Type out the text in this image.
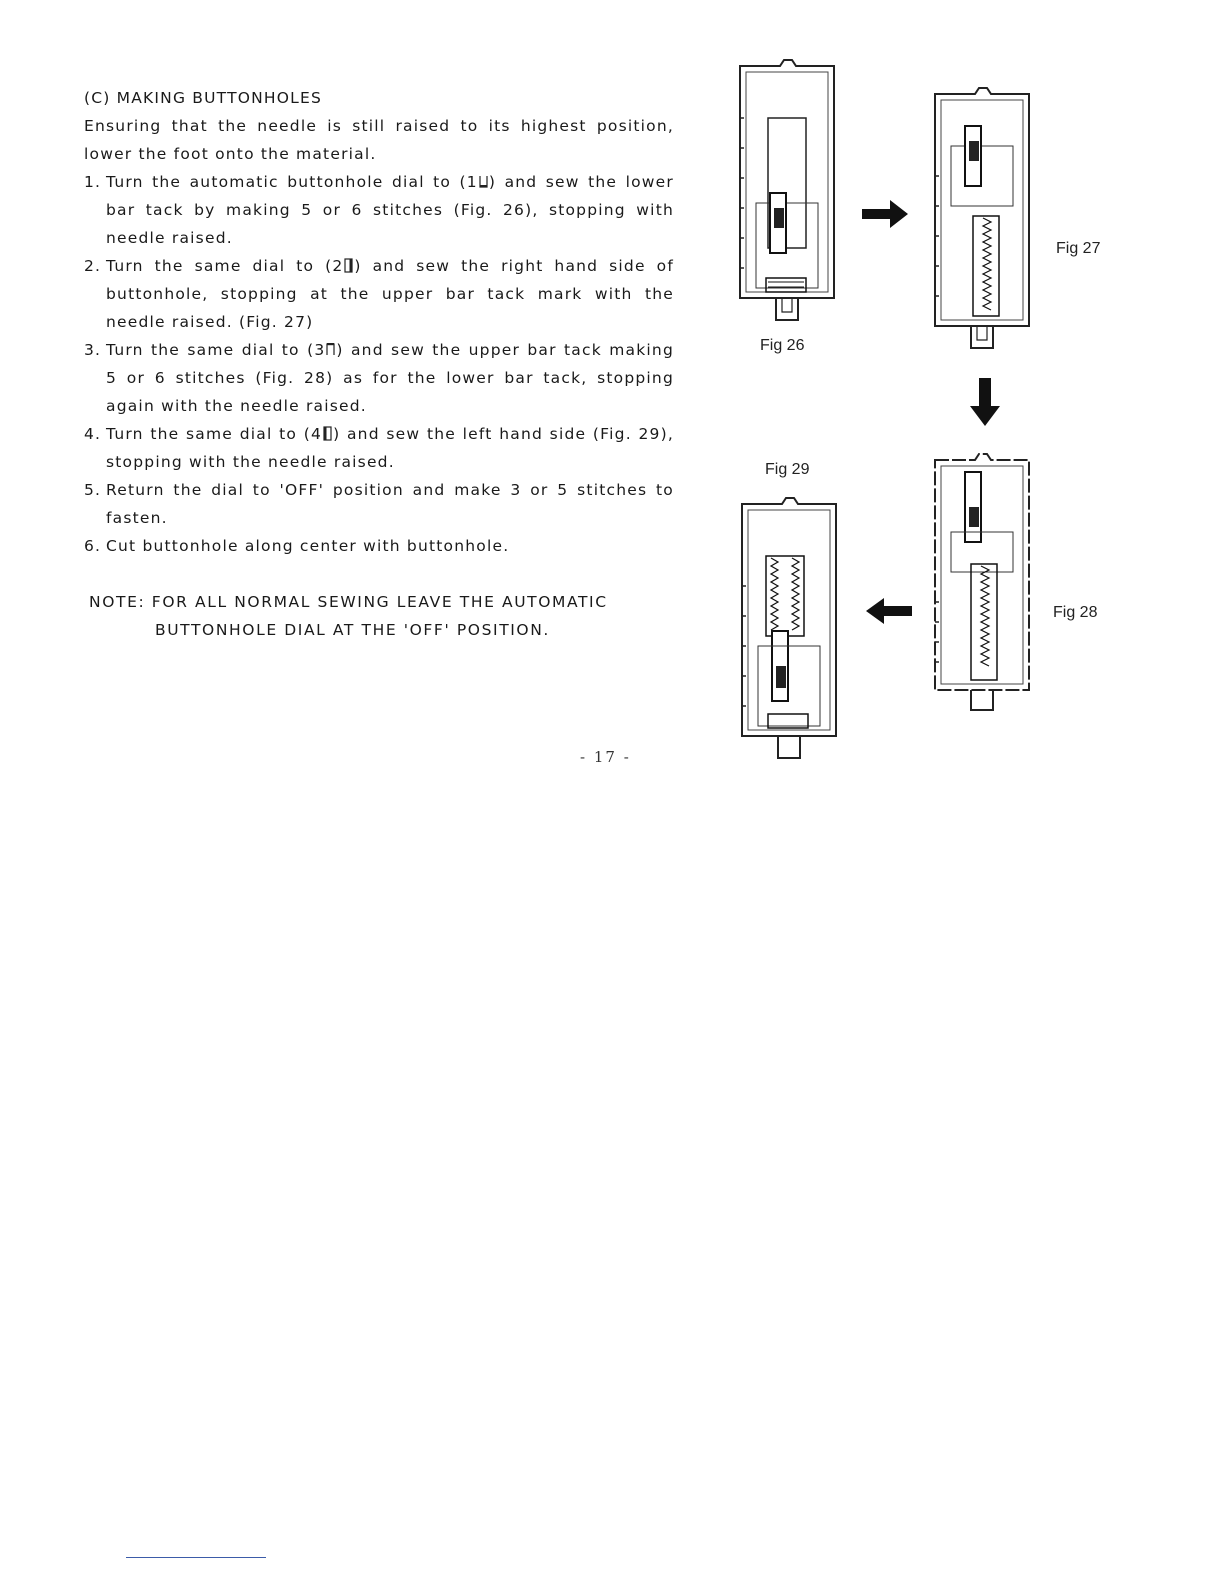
(C) MAKING BUTTONHOLES

Ensuring that the needle is still raised to its highest position, lower the foot onto the material.

1. Turn the automatic buttonhole dial to (1 ) and sew the lower bar tack by making 5 or 6 stitches (Fig. 26), stopping with needle raised.
2. Turn the same dial to (2 ) and sew the right hand side of buttonhole, stopping at the upper bar tack mark with the needle raised. (Fig. 27)
3. Turn the same dial to (3 ) and sew the upper bar tack making 5 or 6 stitches (Fig. 28) as for the lower bar tack, stopping again with the needle raised.
4. Turn the same dial to (4 ) and sew the left hand side (Fig. 29), stopping with the needle raised.
5. Return the dial to 'OFF' position and make 3 or 5 stitches to fasten.
6. Cut buttonhole along center with buttonhole.
NOTE: FOR ALL NORMAL SEWING LEAVE THE AUTOMATIC
BUTTONHOLE DIAL AT THE 'OFF' POSITION.
- 17 -
Fig 26
Fig 27
Fig 28
Fig 29
